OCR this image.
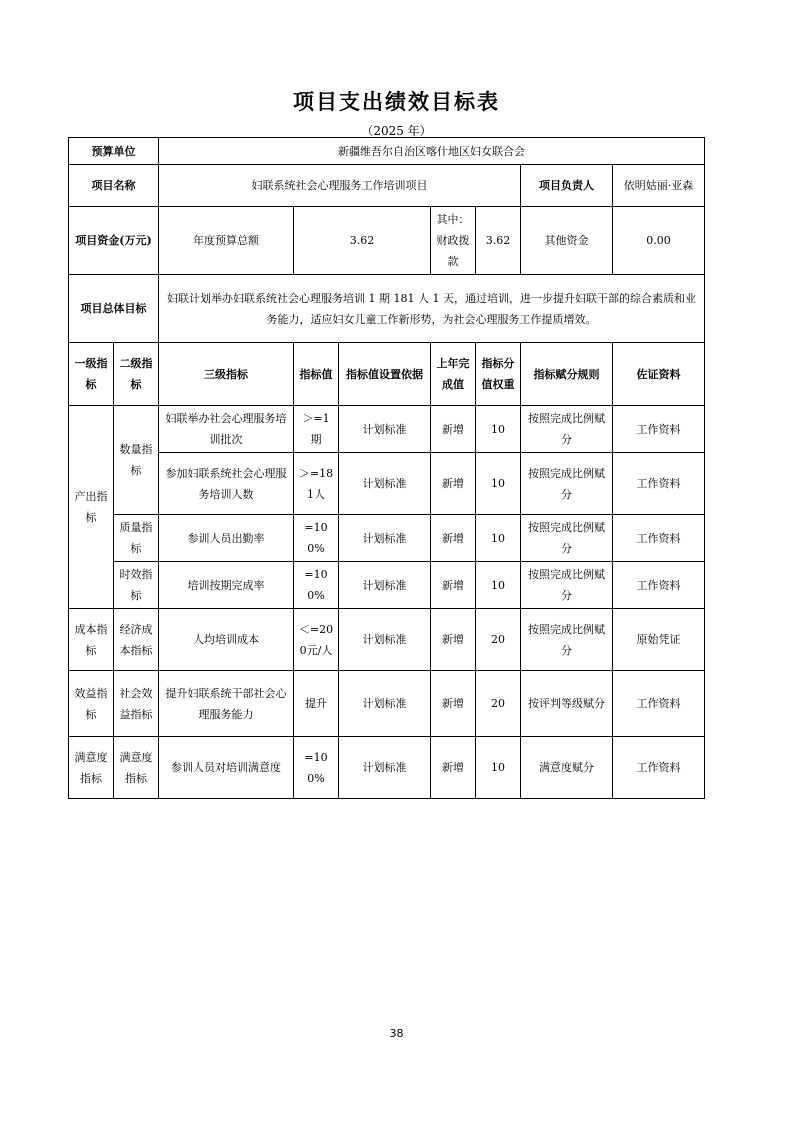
项目支出绩效目标表
（2025 年）
预算单位		新疆维吾尔自治区喀什地区妇女联合会						
项目名称		妇联系统社会心理服务工作培训项目					项目负责人	依明姑丽·亚森
项目资金(万元)		年度预算总额	3.62		其中：财政拨款	3.62	其他资金	0.00
项目总体目标		妇联计划举办妇联系统社会心理服务培训 1 期 181 人 1 天，通过培训，进一步提升妇联干部的综合素质和业务能力，适应妇女儿童工作新形势，为社会心理服务工作提质增效。						
一级指标	二级指标	三级指标	指标值	指标值设置依据	上年完成值	指标分值权重	指标赋分规则	佐证资料
产出指标	数量指标	妇联举办社会心理服务培训批次	＞=1期	计划标准	新增	10	按照完成比例赋分	工作资料
		参加妇联系统社会心理服务培训人数	＞=181人	计划标准	新增	10	按照完成比例赋分	工作资料
	质量指标	参训人员出勤率	=100%	计划标准	新增	10	按照完成比例赋分	工作资料
	时效指标	培训按期完成率	=100%	计划标准	新增	10	按照完成比例赋分	工作资料
成本指标	经济成本指标	人均培训成本	＜=200元/人	计划标准	新增	20	按照完成比例赋分	原始凭证
效益指标	社会效益指标	提升妇联系统干部社会心理服务能力	提升	计划标准	新增	20	按评判等级赋分	工作资料
满意度指标	满意度指标	参训人员对培训满意度	=100%	计划标准	新增	10	满意度赋分	工作资料
38
